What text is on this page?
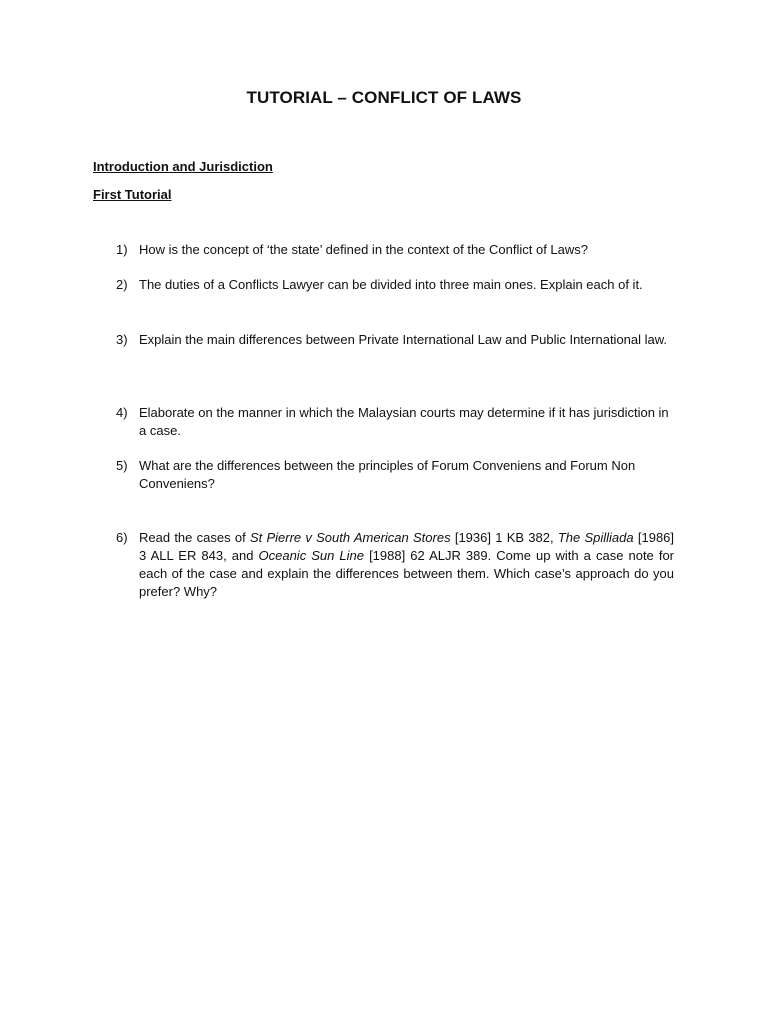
TUTORIAL – CONFLICT OF LAWS

Introduction and Jurisdiction

First Tutorial

1) How is the concept of ‘the state’ defined in the context of the Conflict of Laws?
2) The duties of a Conflicts Lawyer can be divided into three main ones. Explain each of it.
3) Explain the main differences between Private International Law and Public International law.
4) Elaborate on the manner in which the Malaysian courts may determine if it has jurisdiction in a case.
5) What are the differences between the principles of Forum Conveniens and Forum Non Conveniens?
6) Read the cases of St Pierre v South American Stores [1936] 1 KB 382, The Spilliada [1986] 3 ALL ER 843, and Oceanic Sun Line [1988] 62 ALJR 389. Come up with a case note for each of the case and explain the differences between them. Which case’s approach do you prefer? Why?
